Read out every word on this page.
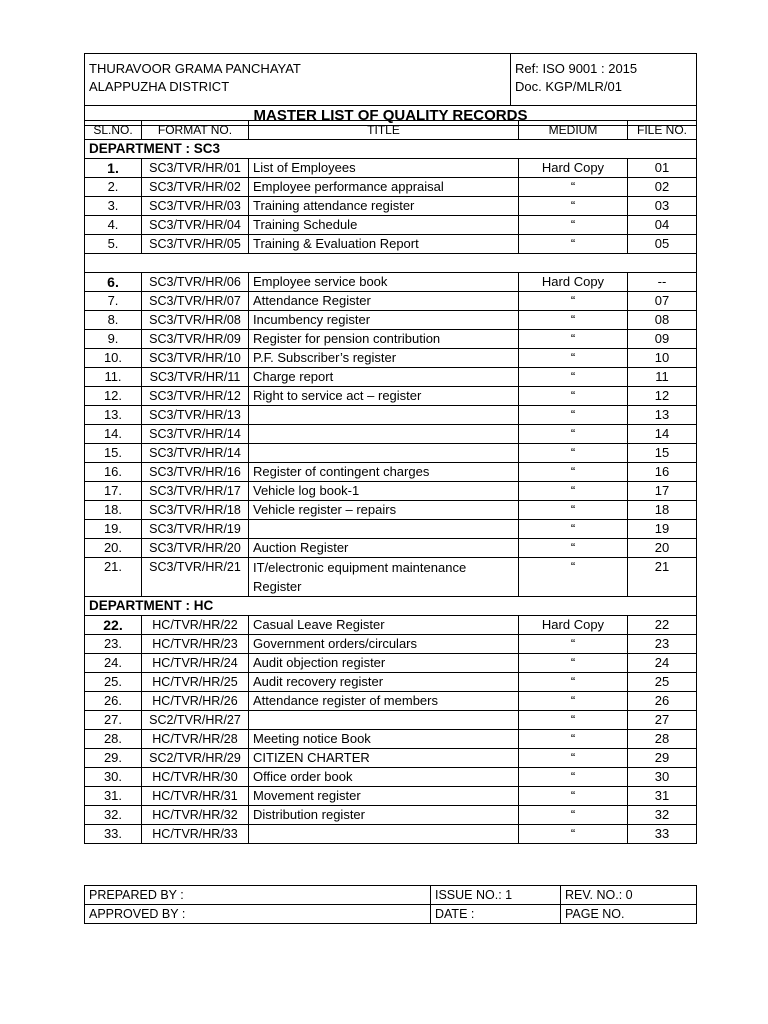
THURAVOOR GRAMA PANCHAYAT
ALAPPUZHA DISTRICT

Ref: ISO 9001 : 2015
Doc. KGP/MLR/01

MASTER LIST OF QUALITY RECORDS
SL.NO.	FORMAT NO.	TITLE	MEDIUM	FILE NO.
DEPARTMENT : SC3				
1.	SC3/TVR/HR/01	List of Employees	Hard Copy	01
2.	SC3/TVR/HR/02	Employee performance appraisal	“	02
3.	SC3/TVR/HR/03	Training attendance register	“	03
4.	SC3/TVR/HR/04	Training Schedule	“	04
5.	SC3/TVR/HR/05	Training & Evaluation Report	“	05

6.	SC3/TVR/HR/06	Employee service book	Hard Copy	--
7.	SC3/TVR/HR/07	Attendance Register	“	07
8.	SC3/TVR/HR/08	Incumbency register	“	08
9.	SC3/TVR/HR/09	Register for pension contribution	“	09
10.	SC3/TVR/HR/10	P.F. Subscriber’s register	“	10
11.	SC3/TVR/HR/11	Charge report	“	11
12.	SC3/TVR/HR/12	Right to service act – register	“	12
13.	SC3/TVR/HR/13		“	13
14.	SC3/TVR/HR/14		“	14
15.	SC3/TVR/HR/14		“	15
16.	SC3/TVR/HR/16	Register of contingent charges	“	16
17.	SC3/TVR/HR/17	Vehicle log book-1	“	17
18.	SC3/TVR/HR/18	Vehicle register – repairs	“	18
19.	SC3/TVR/HR/19		“	19
20.	SC3/TVR/HR/20	Auction Register	“	20
21.	SC3/TVR/HR/21	IT/electronic equipment maintenance Register	“	21
DEPARTMENT : HC				
22.	HC/TVR/HR/22	Casual Leave Register	Hard Copy	22
23.	HC/TVR/HR/23	Government orders/circulars	“	23
24.	HC/TVR/HR/24	Audit objection register	“	24
25.	HC/TVR/HR/25	Audit recovery register	“	25
26.	HC/TVR/HR/26	Attendance register of members	“	26
27.	SC2/TVR/HR/27		“	27
28.	HC/TVR/HR/28	Meeting notice Book	“	28
29.	SC2/TVR/HR/29	CITIZEN CHARTER	“	29
30.	HC/TVR/HR/30	Office order book	“	30
31.	HC/TVR/HR/31	Movement register	“	31
32.	HC/TVR/HR/32	Distribution register	“	32
33.	HC/TVR/HR/33		“	33
PREPARED BY :	ISSUE NO.: 1	REV. NO.: 0
APPROVED BY :	DATE :	PAGE NO.
